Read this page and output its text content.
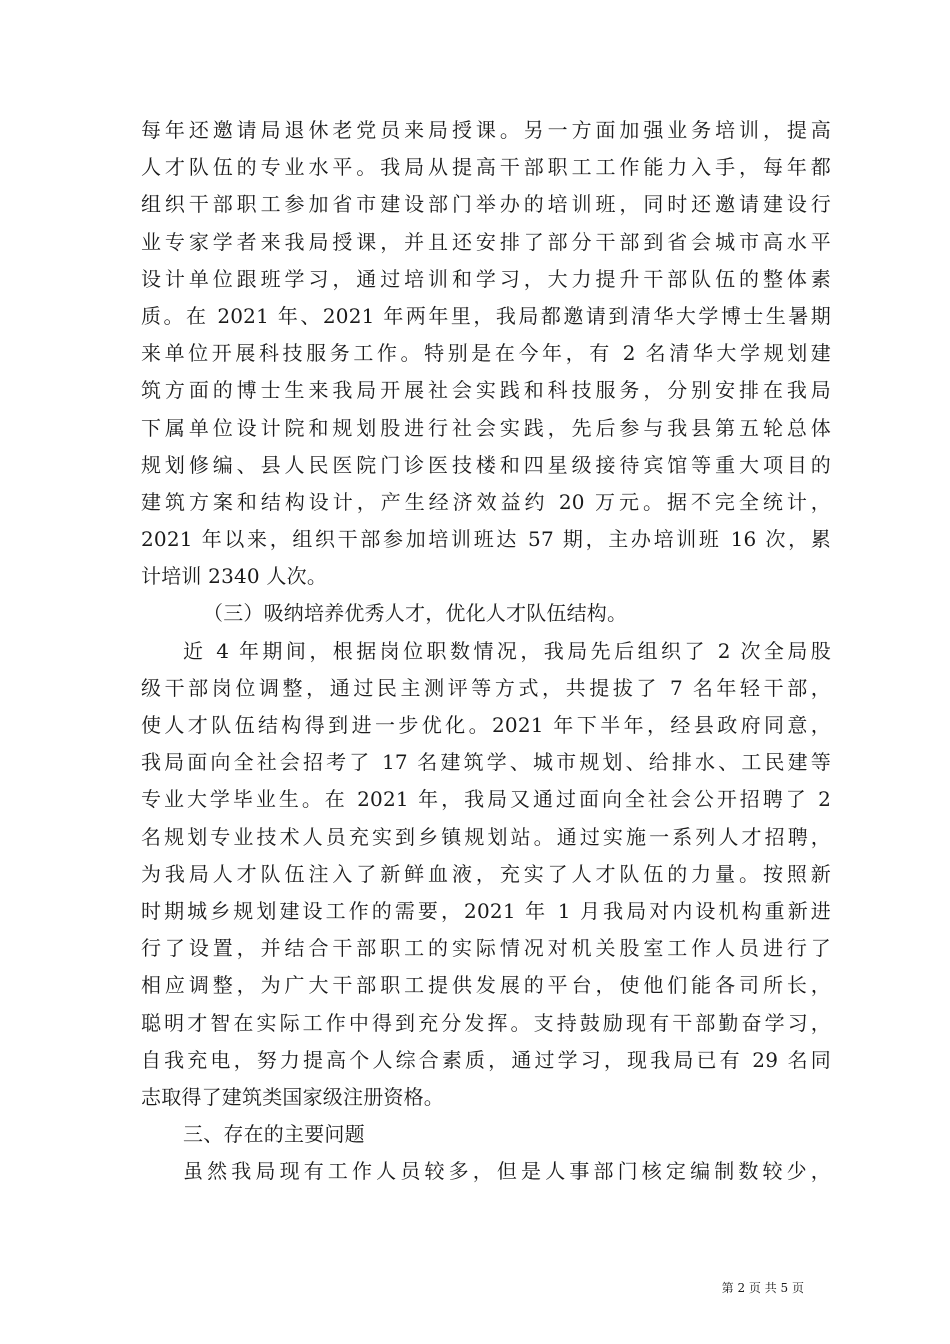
每年还邀请局退休老党员来局授课。另一方面加强业务培训，提高
人才队伍的专业水平。我局从提高干部职工工作能力入手，每年都
组织干部职工参加省市建设部门举办的培训班，同时还邀请建设行
业专家学者来我局授课，并且还安排了部分干部到省会城市高水平
设计单位跟班学习，通过培训和学习，大力提升干部队伍的整体素
质。在 2021 年、2021 年两年里，我局都邀请到清华大学博士生暑期
来单位开展科技服务工作。特别是在今年，有 2 名清华大学规划建
筑方面的博士生来我局开展社会实践和科技服务，分别安排在我局
下属单位设计院和规划股进行社会实践，先后参与我县第五轮总体
规划修编、县人民医院门诊医技楼和四星级接待宾馆等重大项目的
建筑方案和结构设计，产生经济效益约 20 万元。据不完全统计，
2021 年以来，组织干部参加培训班达 57 期，主办培训班 16 次，累
计培训 2340 人次。
（三）吸纳培养优秀人才，优化人才队伍结构。
近 4 年期间，根据岗位职数情况，我局先后组织了 2 次全局股
级干部岗位调整，通过民主测评等方式，共提拔了 7 名年轻干部，
使人才队伍结构得到进一步优化。2021 年下半年，经县政府同意，
我局面向全社会招考了 17 名建筑学、城市规划、给排水、工民建等
专业大学毕业生。在 2021 年，我局又通过面向全社会公开招聘了 2
名规划专业技术人员充实到乡镇规划站。通过实施一系列人才招聘，
为我局人才队伍注入了新鲜血液，充实了人才队伍的力量。按照新
时期城乡规划建设工作的需要，2021 年 1 月我局对内设机构重新进
行了设置，并结合干部职工的实际情况对机关股室工作人员进行了
相应调整，为广大干部职工提供发展的平台，使他们能各司所长，
聪明才智在实际工作中得到充分发挥。支持鼓励现有干部勤奋学习，
自我充电，努力提高个人综合素质，通过学习，现我局已有 29 名同
志取得了建筑类国家级注册资格。
三、存在的主要问题
虽然我局现有工作人员较多，但是人事部门核定编制数较少，
第 2 页 共 5 页
